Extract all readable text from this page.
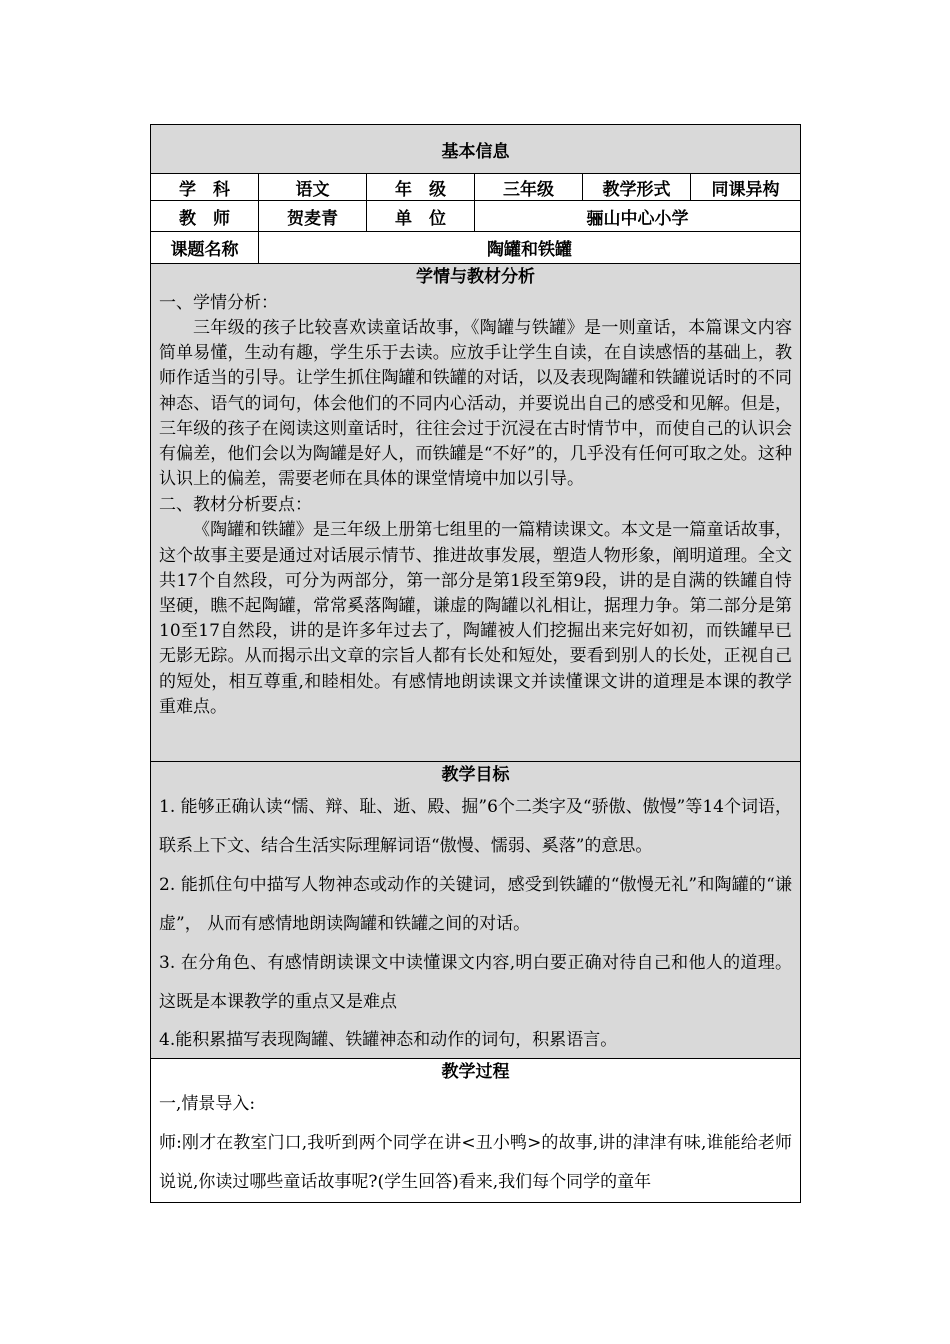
基本信息					
学　科	语文	年　级	三年级	教学形式	同课异构
教　师	贺麦青	单　位	骊山中心小学		
课题名称	陶罐和铁罐				

学情与教材分析
一、学情分析：

三年级的孩子比较喜欢读童话故事，《陶罐与铁罐》是一则童话，本篇课文内容简单易懂，生动有趣，学生乐于去读。应放手让学生自读，在自读感悟的基础上，教师作适当的引导。让学生抓住陶罐和铁罐的对话，以及表现陶罐和铁罐说话时的不同神态、语气的词句，体会他们的不同内心活动，并要说出自己的感受和见解。但是，三年级的孩子在阅读这则童话时，往往会过于沉浸在古时情节中，而使自己的认识会有偏差，他们会以为陶罐是好人，而铁罐是“不好”的，几乎没有任何可取之处。这种认识上的偏差，需要老师在具体的课堂情境中加以引导。

二、教材分析要点：

《陶罐和铁罐》是三年级上册第七组里的一篇精读课文。本文是一篇童话故事，这个故事主要是通过对话展示情节、推进故事发展，塑造人物形象，阐明道理。全文共17个自然段，可分为两部分，第一部分是第1段至第9段，讲的是自满的铁罐自恃坚硬，瞧不起陶罐，常常奚落陶罐，谦虚的陶罐以礼相让，据理力争。第二部分是第10至17自然段，讲的是许多年过去了，陶罐被人们挖掘出来完好如初，而铁罐早已无影无踪。从而揭示出文章的宗旨人都有长处和短处，要看到别人的长处，正视自己的短处，相互尊重,和睦相处。有感情地朗读课文并读懂课文讲的道理是本课的教学重难点。					

教学目标

1. 能够正确认读“懦、辩、耻、逝、殿、掘”6个二类字及“骄傲、傲慢”等14个词语，联系上下文、结合生活实际理解词语“傲慢、懦弱、奚落”的意思。

2. 能抓住句中描写人物神态或动作的关键词，感受到铁罐的“傲慢无礼”和陶罐的“谦虚”， 从而有感情地朗读陶罐和铁罐之间的对话。

3. 在分角色、有感情朗读课文中读懂课文内容,明白要正确对待自己和他人的道理。这既是本课教学的重点又是难点

4.能积累描写表现陶罐、铁罐神态和动作的词句，积累语言。					

教学过程

一,情景导入:

师:刚才在教室门口,我听到两个同学在讲<丑小鸭>的故事,讲的津津有味,谁能给老师说说,你读过哪些童话故事呢?(学生回答)看来,我们每个同学的童年					
